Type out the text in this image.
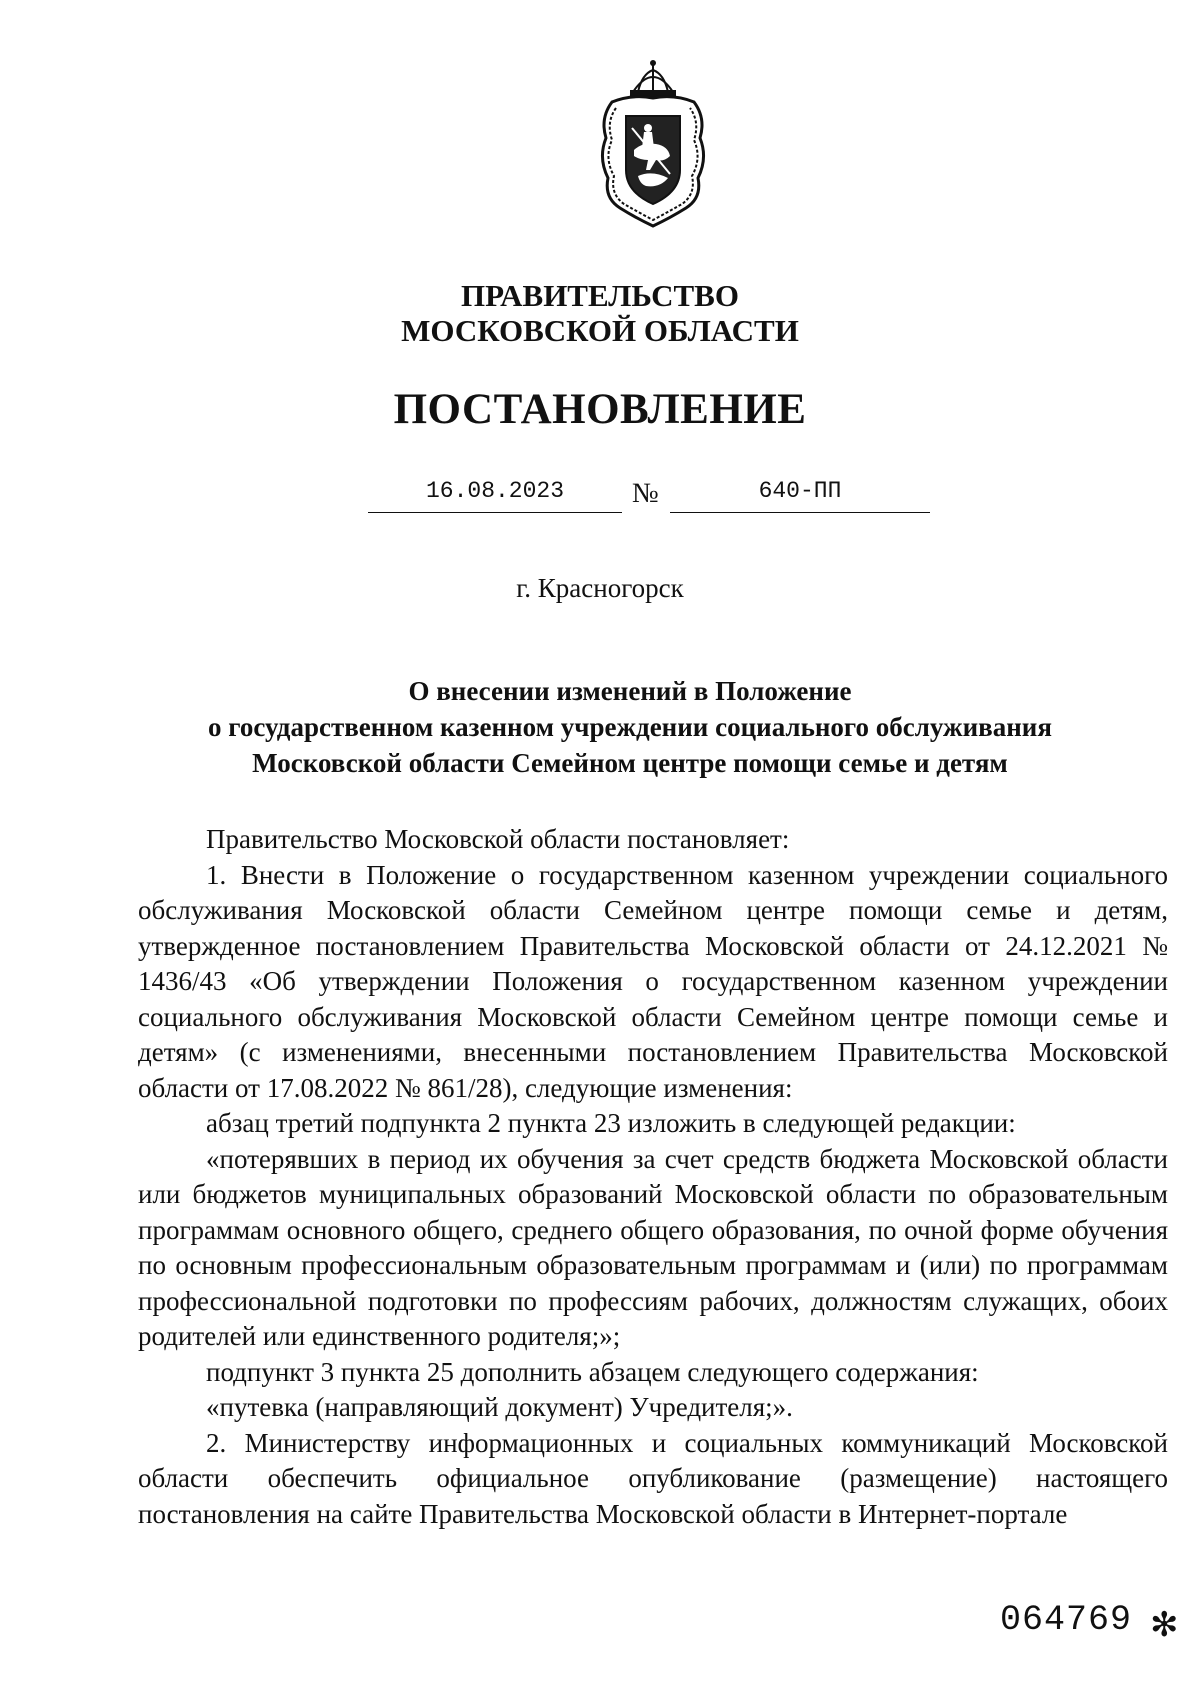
ПРАВИТЕЛЬСТВО
МОСКОВСКОЙ ОБЛАСТИ
ПОСТАНОВЛЕНИЕ
16.08.2023	№	640-ПП
г. Красногорск
О внесении изменений в Положение
о государственном казенном учреждении социального обслуживания
Московской области Семейном центре помощи семье и детям

Правительство Московской области постановляет:

1. Внести в Положение о государственном казенном учреждении социального обслуживания Московской области Семейном центре помощи семье и детям, утвержденное постановлением Правительства Московской области от 24.12.2021 № 1436/43 «Об утверждении Положения о государственном казенном учреждении социального обслуживания Московской области Семейном центре помощи семье и детям» (с изменениями, внесенными постановлением Правительства Московской области от 17.08.2022 № 861/28), следующие изменения:

абзац третий подпункта 2 пункта 23 изложить в следующей редакции:

«потерявших в период их обучения за счет средств бюджета Московской области или бюджетов муниципальных образований Московской области по образовательным программам основного общего, среднего общего образования, по очной форме обучения по основным профессиональным образовательным программам и (или) по программам профессиональной подготовки по профессиям рабочих, должностям служащих, обоих родителей или единственного родителя;»;

подпункт 3 пункта 25 дополнить абзацем следующего содержания:

«путевка (направляющий документ) Учредителя;».

2. Министерству информационных и социальных коммуникаций Московской области обеспечить официальное опубликование (размещение) настоящего постановления на сайте Правительства Московской области в Интернет-портале

064769 ✻
